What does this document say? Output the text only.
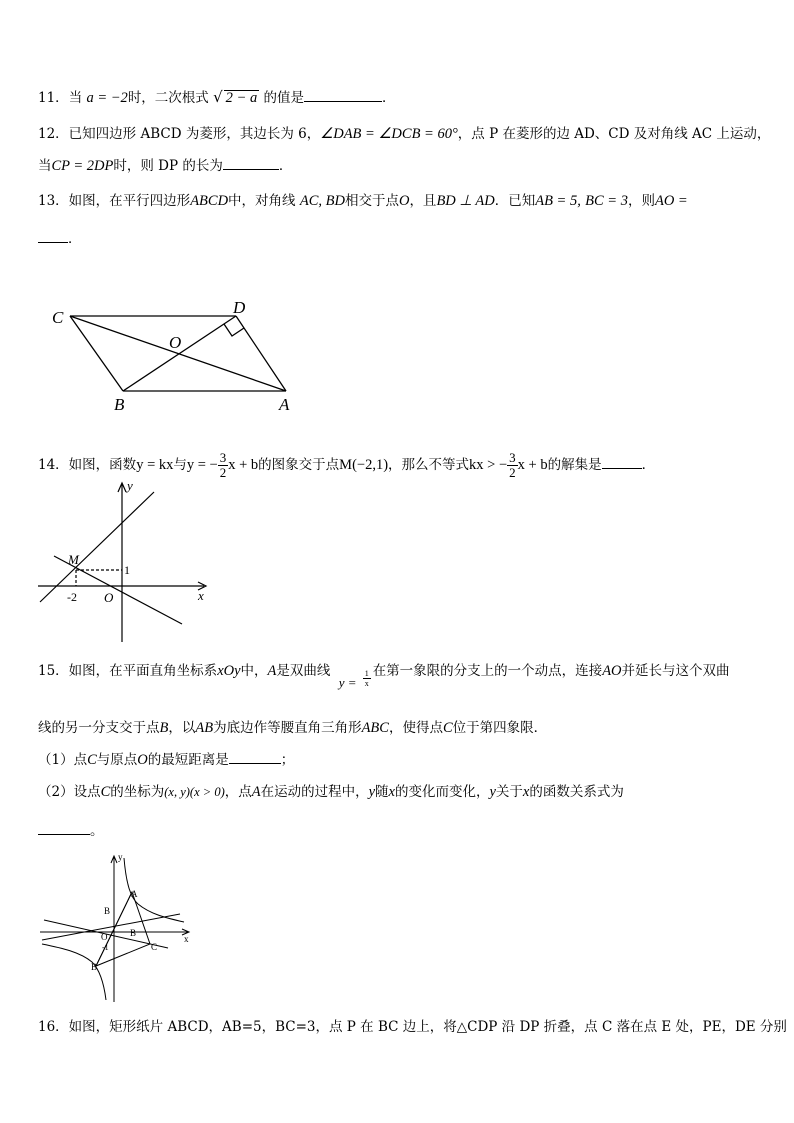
11．当 a = −2时，二次根式 √ 2 − a 的值是	．
12．已知四边形 ABCD 为菱形，其边长为 6，∠DAB = ∠DCB = 60°，点 P 在菱形的边 AD、CD 及对角线 AC 上运动，
当CP = 2DP时，则 DP 的长为	．
13．如图，在平行四边形ABCD中，对角线 AC, BD相交于点O，且BD ⊥ AD．已知AB = 5, BC = 3，则AO =
．
C
D
O
B	A
14．如图，函数y = kx与y = − $\frac{3}{2}$ x + b的图象交于点M(−2,1)，那么不等式kx > − $\frac{3}{2}$ x + b的解集是	．
y
x
M
1
-2 O
15．如图，在平面直角坐标系xOy中，A是双曲线
$y = \frac{1}{x}$ 在第一象限的分支上的一个动点，连接AO并延长与这个双曲
线的另一分支交于点B，以AB为底边作等腰直角三角形ABC，使得点C位于第四象限．
（1）点C与原点O的最短距离是	；
（2）设点C的坐标为(x, y)(x > 0)，点A在运动的过程中，y随x的变化而变化，y关于x的函数关系式为
。
y
x
A
B
B
C
O
-1
B
16．如图，矩形纸片 ABCD，AB=5，BC=3，点 P 在 BC 边上，将△CDP 沿 DP 折叠，点 C 落在点 E 处，PE，DE 分别
